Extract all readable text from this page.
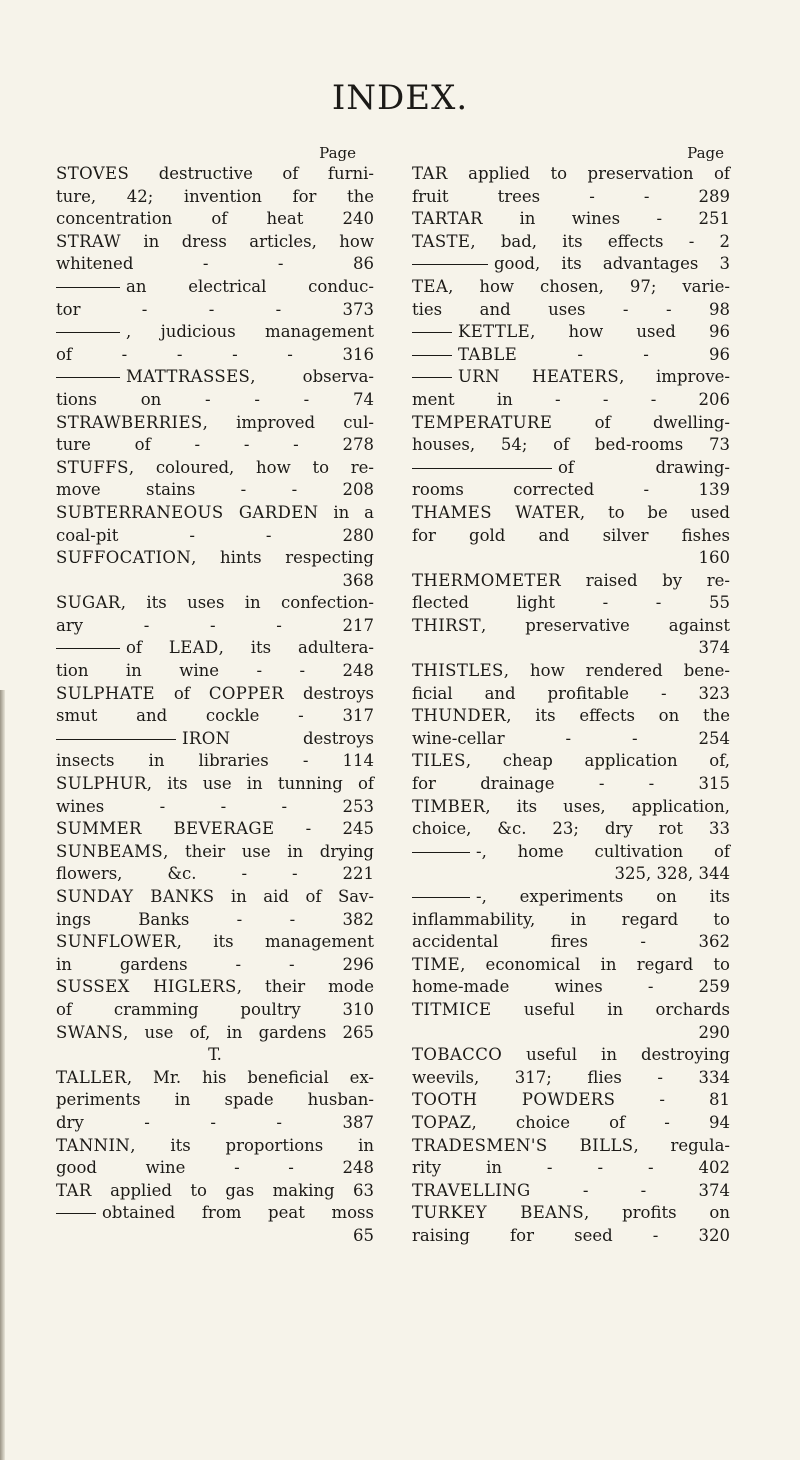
INDEX.
Page
STOVES destructive of furni-
ture, 42; invention for the
concentration of heat 240
STRAW in dress articles, how
whitened - - 86
an electrical conduc-
tor - - - 373
, judicious management
of - - - - 316
MATTRASSES, observa-
tions on - - - 74
STRAWBERRIES, improved cul-
ture of - - - 278
STUFFS, coloured, how to re-
move stains - - 208
SUBTERRANEOUS GARDEN in a
coal-pit - - 280
SUFFOCATION, hints respecting
368
SUGAR, its uses in confection-
ary - - - 217
of LEAD, its adultera-
tion in wine - - 248
SULPHATE of COPPER destroys
smut and cockle - 317
IRON destroys
insects in libraries - 114
SULPHUR, its use in tunning of
wines - - - 253
SUMMER BEVERAGE - 245
SUNBEAMS, their use in drying
flowers, &c. - - 221
SUNDAY BANKS in aid of Sav-
ings Banks - - 382
SUNFLOWER, its management
in gardens - - 296
SUSSEX HIGLERS, their mode
of cramming poultry 310
SWANS, use of, in gardens 265
T.
TALLER, Mr. his beneficial ex-
periments in spade husban-
dry - - - 387
TANNIN, its proportions in
good wine - - 248
TAR applied to gas making 63
obtained from peat moss
65
Page
TAR applied to preservation of
fruit trees - - 289
TARTAR in wines - 251
TASTE, bad, its effects - 2
good, its advantages 3
TEA, how chosen, 97; varie-
ties and uses - - 98
KETTLE, how used 96
TABLE - - 96
URN HEATERS, improve-
ment in - - - 206
TEMPERATURE of dwelling-
houses, 54; of bed-rooms 73
of drawing-
rooms corrected - 139
THAMES WATER, to be used
for gold and silver fishes
160
THERMOMETER raised by re-
flected light - - 55
THIRST, preservative against
374
THISTLES, how rendered bene-
ficial and profitable - 323
THUNDER, its effects on the
wine-cellar - - 254
TILES, cheap application of,
for drainage - - 315
TIMBER, its uses, application,
choice, &c. 23; dry rot 33
-, home cultivation of
325, 328, 344
-, experiments on its
inflammability, in regard to
accidental fires - 362
TIME, economical in regard to
home-made wines - 259
TITMICE useful in orchards
290
TOBACCO useful in destroying
weevils, 317; flies - 334
TOOTH POWDERS - 81
TOPAZ, choice of - 94
TRADESMEN'S BILLS, regula-
rity in - - - 402
TRAVELLING - - 374
TURKEY BEANS, profits on
raising for seed - 320
